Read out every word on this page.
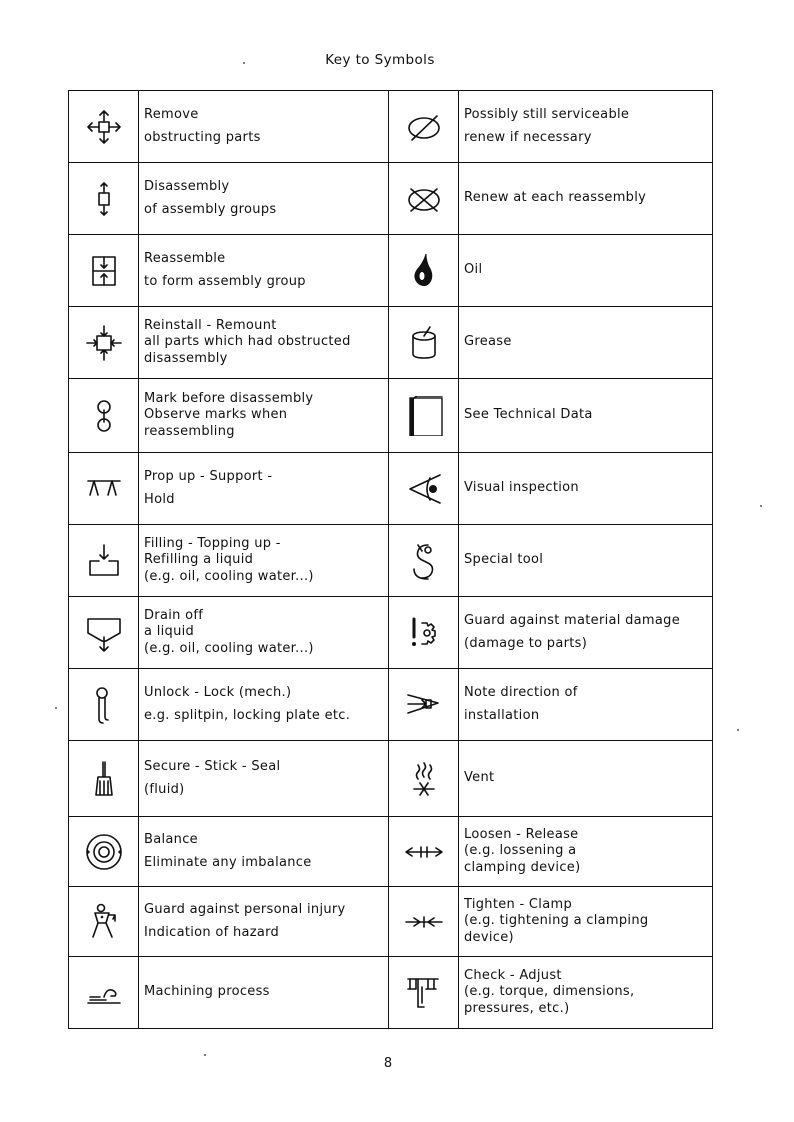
Key to Symbols

Remove
obstructing parts		Possibly still serviceable
renew if necessary

Disassembly
of assembly groups		Renew at each reassembly

Reassemble
to form assembly group		Oil

Reinstall - Remount
all parts which had obstructed
disassembly		Grease

Mark before disassembly
Observe marks when
reassembling		See Technical Data

Prop up - Support -
Hold		Visual inspection

Filling - Topping up -
Refilling a liquid
(e.g. oil, cooling water...)		Special tool

Drain off
a liquid
(e.g. oil, cooling water...)		Guard against material damage
(damage to parts)

Unlock - Lock (mech.)
e.g. splitpin, locking plate etc.		Note direction of
installation

Secure - Stick - Seal
(fluid)		Vent

Balance
Eliminate any imbalance		Loosen - Release
(e.g. lossening a
clamping device)

Guard against personal injury
Indication of hazard		Tighten - Clamp
(e.g. tightening a clamping
device)

Machining process		Check - Adjust
(e.g. torque, dimensions,
pressures, etc.)
8
